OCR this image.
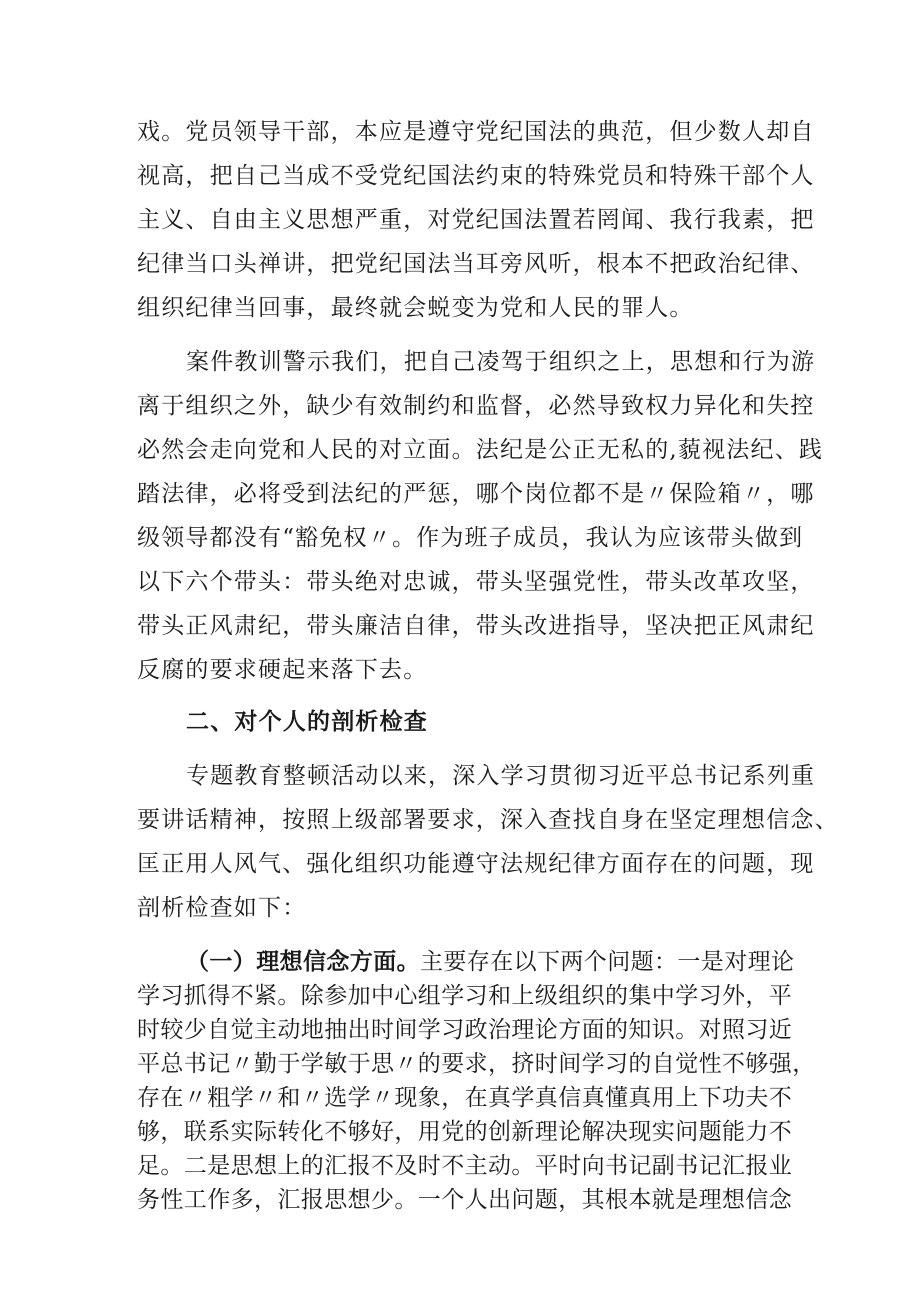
戏。党员领导干部，本应是遵守党纪国法的典范，但少数人却自
视高，把自己当成不受党纪国法约束的特殊党员和特殊干部个人
主义、自由主义思想严重，对党纪国法置若罔闻、我行我素，把
纪律当口头禅讲，把党纪国法当耳旁风听，根本不把政治纪律、
组织纪律当回事，最终就会蜕变为党和人民的罪人。
案件教训警示我们，把自己凌驾于组织之上，思想和行为游
离于组织之外，缺少有效制约和监督，必然导致权力异化和失控
必然会走向党和人民的对立面。法纪是公正无私的,藐视法纪、践
踏法律，必将受到法纪的严惩，哪个岗位都不是〃保险箱〃，哪
级领导都没有“豁免权〃。作为班子成员，我认为应该带头做到
以下六个带头：带头绝对忠诚，带头坚强党性，带头改革攻坚，
带头正风肃纪，带头廉洁自律，带头改进指导，坚决把正风肃纪
反腐的要求硬起来落下去。
二、对个人的剖析检查
专题教育整顿活动以来，深入学习贯彻习近平总书记系列重
要讲话精神，按照上级部署要求，深入查找自身在坚定理想信念、
匡正用人风气、强化组织功能遵守法规纪律方面存在的问题，现
剖析检查如下：
（一）理想信念方面。主要存在以下两个问题：一是对理论
学习抓得不紧。除参加中心组学习和上级组织的集中学习外，平
时较少自觉主动地抽出时间学习政治理论方面的知识。对照习近
平总书记〃勤于学敏于思〃的要求，挤时间学习的自觉性不够强，
存在〃粗学〃和〃选学〃现象，在真学真信真懂真用上下功夫不
够，联系实际转化不够好，用党的创新理论解决现实问题能力不
足。二是思想上的汇报不及时不主动。平时向书记副书记汇报业
务性工作多，汇报思想少。一个人出问题，其根本就是理想信念
